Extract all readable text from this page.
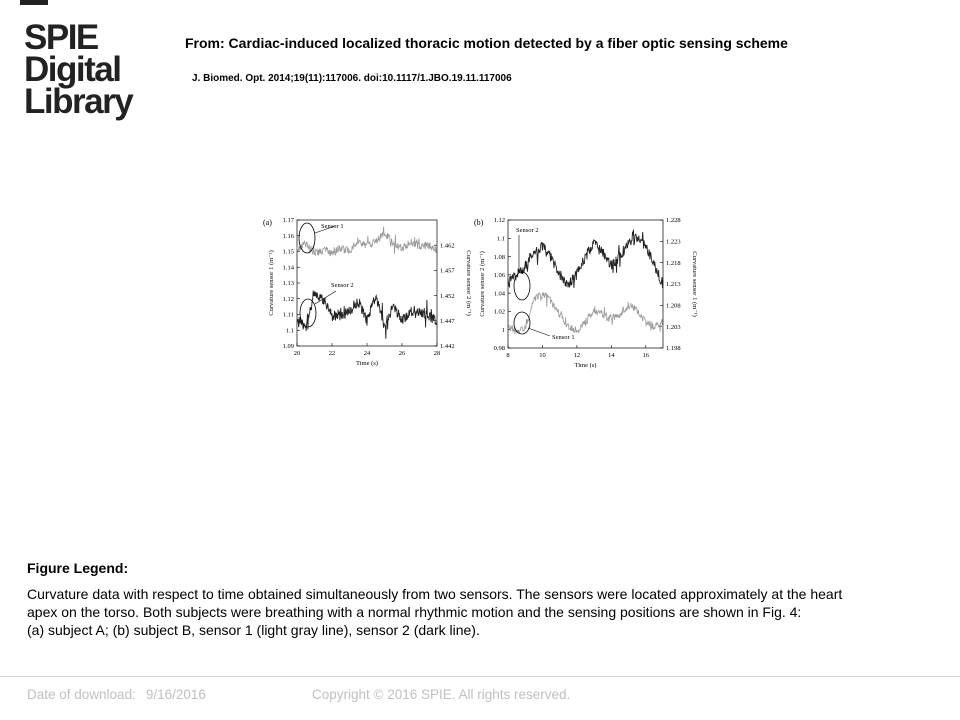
SPIE
Digital
Library
From: Cardiac-induced localized thoracic motion detected by a fiber optic sensing scheme
J. Biomed. Opt. 2014;19(11):117006. doi:10.1117/1.JBO.19.11.117006
(a)
1.09
1.1
1.11
1.12
1.13
1.14
1.15
1.16
1.17
1.442
1.447
1.452
1.457
1.462
20	22	24	26	28
Time (s)
Curvature sensor 1 (m⁻¹)	Curvature sensor 2 (m⁻¹)
(b)
0.98
1
1.02
1.04
1.06
1.08
1.1
1.12
1.198
1.203
1.208
1.213
1.218
1.223
1.228
8	10	12	14	16
Time (s)
Curvature sensor 2 (m⁻¹)	Curvature sensor 1 (m⁻¹)
Sensor 1
Sensor 2
Sensor 2
Sensor 1
Figure Legend:
Curvature data with respect to time obtained simultaneously from two sensors. The sensors were located approximately at the heart
apex on the torso. Both subjects were breathing with a normal rhythmic motion and the sensing positions are shown in Fig. 4:
(a) subject A; (b) subject B, sensor 1 (light gray line), sensor 2 (dark line).
Date of download: 9/16/2016	Copyright © 2016 SPIE. All rights reserved.
